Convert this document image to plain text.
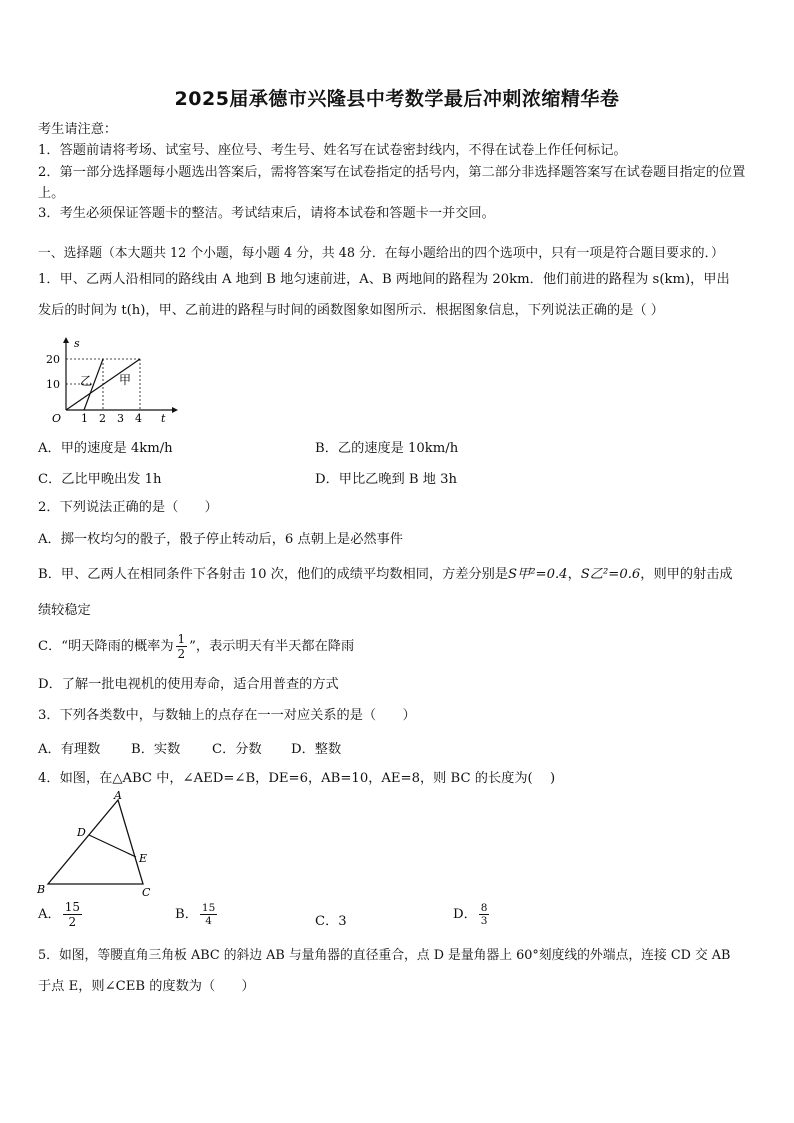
2025届承德市兴隆县中考数学最后冲刺浓缩精华卷
考生请注意：
1．答题前请将考场、试室号、座位号、考生号、姓名写在试卷密封线内，不得在试卷上作任何标记。
2．第一部分选择题每小题选出答案后，需将答案写在试卷指定的括号内，第二部分非选择题答案写在试卷题目指定的位置上。
3．考生必须保证答题卡的整洁。考试结束后，请将本试卷和答题卡一并交回。
一、选择题（本大题共 12 个小题，每小题 4 分，共 48 分．在每小题给出的四个选项中，只有一项是符合题目要求的．）
1．甲、乙两人沿相同的路线由 A 地到 B 地匀速前进，A、B 两地间的路程为 20km．他们前进的路程为 s(km)，甲出
发后的时间为 t(h)，甲、乙前进的路程与时间的函数图象如图所示．根据图象信息，下列说法正确的是（ ）
s
t
O
20
10
1 2 3 4
乙 甲
A．甲的速度是 4km/h	B．乙的速度是 10km/h
C．乙比甲晚出发 1h	D．甲比乙晚到 B 地 3h
2．下列说法正确的是（　　）
A．掷一枚均匀的骰子，骰子停止转动后，6 点朝上是必然事件
B．甲、乙两人在相同条件下各射击 10 次，他们的成绩平均数相同，方差分别是S甲²=0.4，S乙²=0.6，则甲的射击成
绩较稳定
C．“明天降雨的概率为 $\frac{1}{2}$ ”，表示明天有半天都在降雨
D．了解一批电视机的使用寿命，适合用普查的方式
3．下列各类数中，与数轴上的点存在一一对应关系的是（　　）
A．有理数 B．实数 C．分数 D．整数
4．如图，在△ABC 中，∠AED=∠B，DE=6，AB=10，AE=8，则 BC 的长度为(　 )
A
B	C
D
E
A． $\frac{15}{2}$	B． $\frac{15}{4}$	C．3	D． $\frac{8}{3}$
5．如图，等腰直角三角板 ABC 的斜边 AB 与量角器的直径重合，点 D 是量角器上 60°刻度线的外端点，连接 CD 交 AB
于点 E，则∠CEB 的度数为（　　）
